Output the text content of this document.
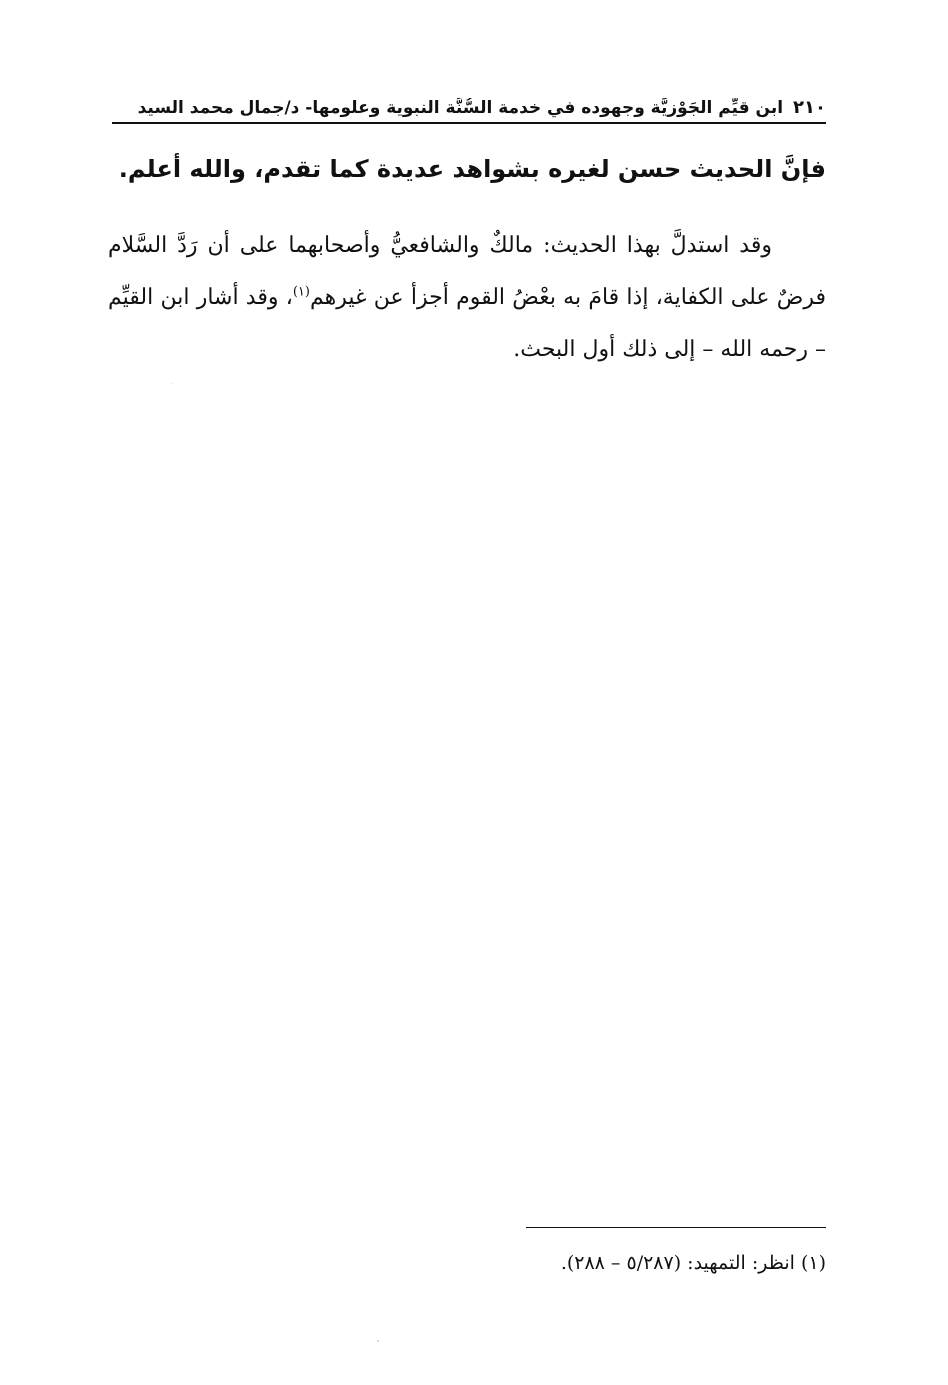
٢١٠
ابن قيِّم الجَوْزيَّة وجهوده في خدمة السُّنَّة النبوية وعلومها- د/جمال محمد السيد
فإنَّ الحديث حسن لغيره بشواهد عديدة كما تقدم، والله أعلم.
وقد استدلَّ بهذا الحديث: مالكٌ والشافعيُّ وأصحابهما على أن رَدَّ السَّلام فرضٌ على الكفاية، إذا قامَ به بعْضُ القوم أجزأ عن غيرهم$^{(١)}$، وقد أشار ابن القيِّم – رحمه الله – إلى ذلك أول البحث.
(١) انظر: التمهيد: (٥/٢٨٧ – ٢٨٨).
